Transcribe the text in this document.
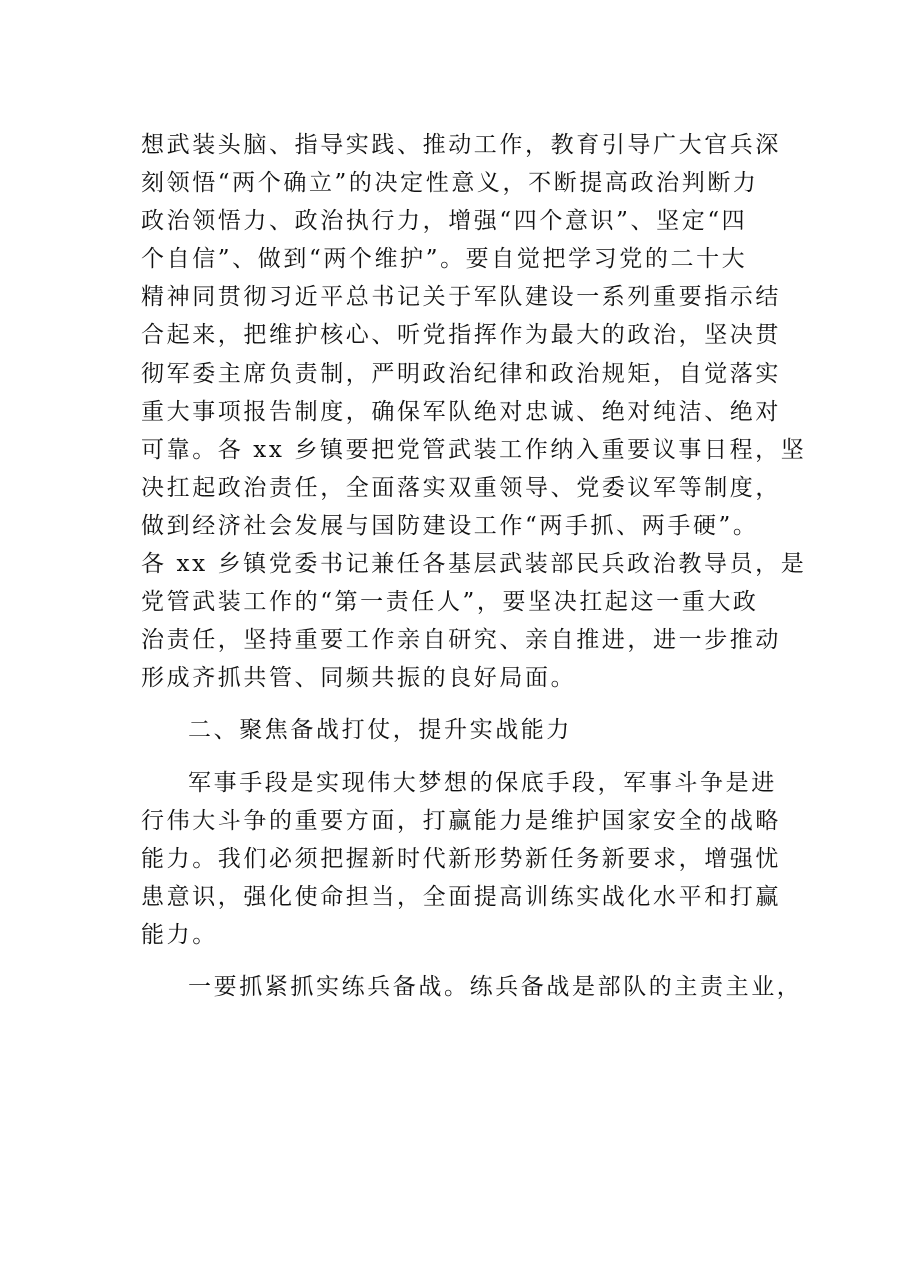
想武装头脑、指导实践、推动工作，教育引导广大官兵深
刻领悟“两个确立”的决定性意义，不断提高政治判断力
政治领悟力、政治执行力，增强“四个意识”、坚定“四
个自信”、做到“两个维护”。要自觉把学习党的二十大
精神同贯彻习近平总书记关于军队建设一系列重要指示结
合起来，把维护核心、听党指挥作为最大的政治，坚决贯
彻军委主席负责制，严明政治纪律和政治规矩，自觉落实
重大事项报告制度，确保军队绝对忠诚、绝对纯洁、绝对
可靠。各 xx 乡镇要把党管武装工作纳入重要议事日程，坚
决扛起政治责任，全面落实双重领导、党委议军等制度，
做到经济社会发展与国防建设工作“两手抓、两手硬”。
各 xx 乡镇党委书记兼任各基层武装部民兵政治教导员，是
党管武装工作的“第一责任人”，要坚决扛起这一重大政
治责任，坚持重要工作亲自研究、亲自推进，进一步推动
形成齐抓共管、同频共振的良好局面。
二、聚焦备战打仗，提升实战能力
军事手段是实现伟大梦想的保底手段，军事斗争是进
行伟大斗争的重要方面，打赢能力是维护国家安全的战略
能力。我们必须把握新时代新形势新任务新要求，增强忧
患意识，强化使命担当，全面提高训练实战化水平和打赢
能力。
一要抓紧抓实练兵备战。练兵备战是部队的主责主业，
